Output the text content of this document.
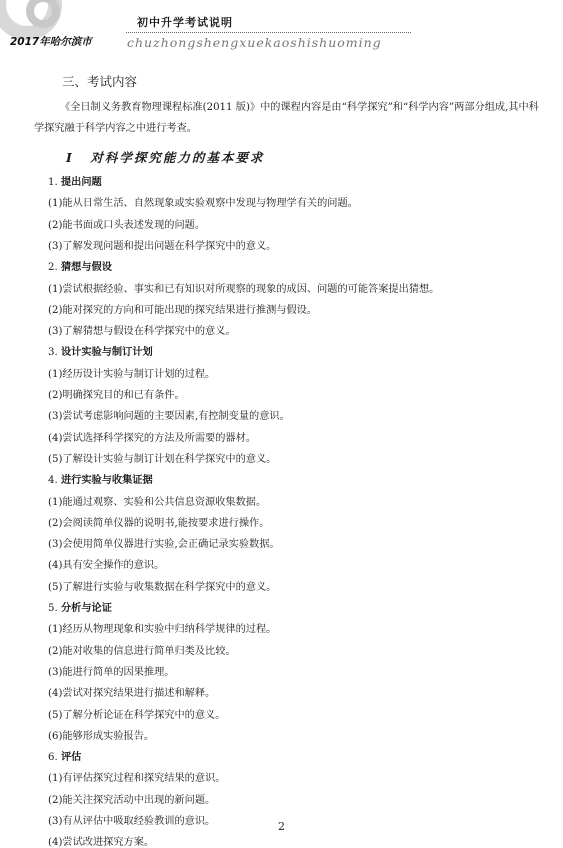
2017年哈尔滨市
初中升学考试说明
chuzhongshengxuekaoshishuoming
三、考试内容
《全日制义务教育物理课程标准(2011 版)》中的课程内容是由“科学探究”和“科学内容”两部分组成,其中科学探究融于科学内容之中进行考查。
Ⅰ 对科学探究能力的基本要求
1. 提出问题
(1)能从日常生活、自然现象或实验观察中发现与物理学有关的问题。
(2)能书面或口头表述发现的问题。
(3)了解发现问题和提出问题在科学探究中的意义。
2. 猜想与假设
(1)尝试根据经验、事实和已有知识对所观察的现象的成因、问题的可能答案提出猜想。
(2)能对探究的方向和可能出现的探究结果进行推测与假设。
(3)了解猜想与假设在科学探究中的意义。
3. 设计实验与制订计划
(1)经历设计实验与制订计划的过程。
(2)明确探究目的和已有条件。
(3)尝试考虑影响问题的主要因素,有控制变量的意识。
(4)尝试选择科学探究的方法及所需要的器材。
(5)了解设计实验与制订计划在科学探究中的意义。
4. 进行实验与收集证据
(1)能通过观察、实验和公共信息资源收集数据。
(2)会阅读简单仪器的说明书,能按要求进行操作。
(3)会使用简单仪器进行实验,会正确记录实验数据。
(4)具有安全操作的意识。
(5)了解进行实验与收集数据在科学探究中的意义。
5. 分析与论证
(1)经历从物理现象和实验中归纳科学规律的过程。
(2)能对收集的信息进行简单归类及比较。
(3)能进行简单的因果推理。
(4)尝试对探究结果进行描述和解释。
(5)了解分析论证在科学探究中的意义。
(6)能够形成实验报告。
6. 评估
(1)有评估探究过程和探究结果的意识。
(2)能关注探究活动中出现的新问题。
(3)有从评估中吸取经验教训的意识。
(4)尝试改进探究方案。
2
